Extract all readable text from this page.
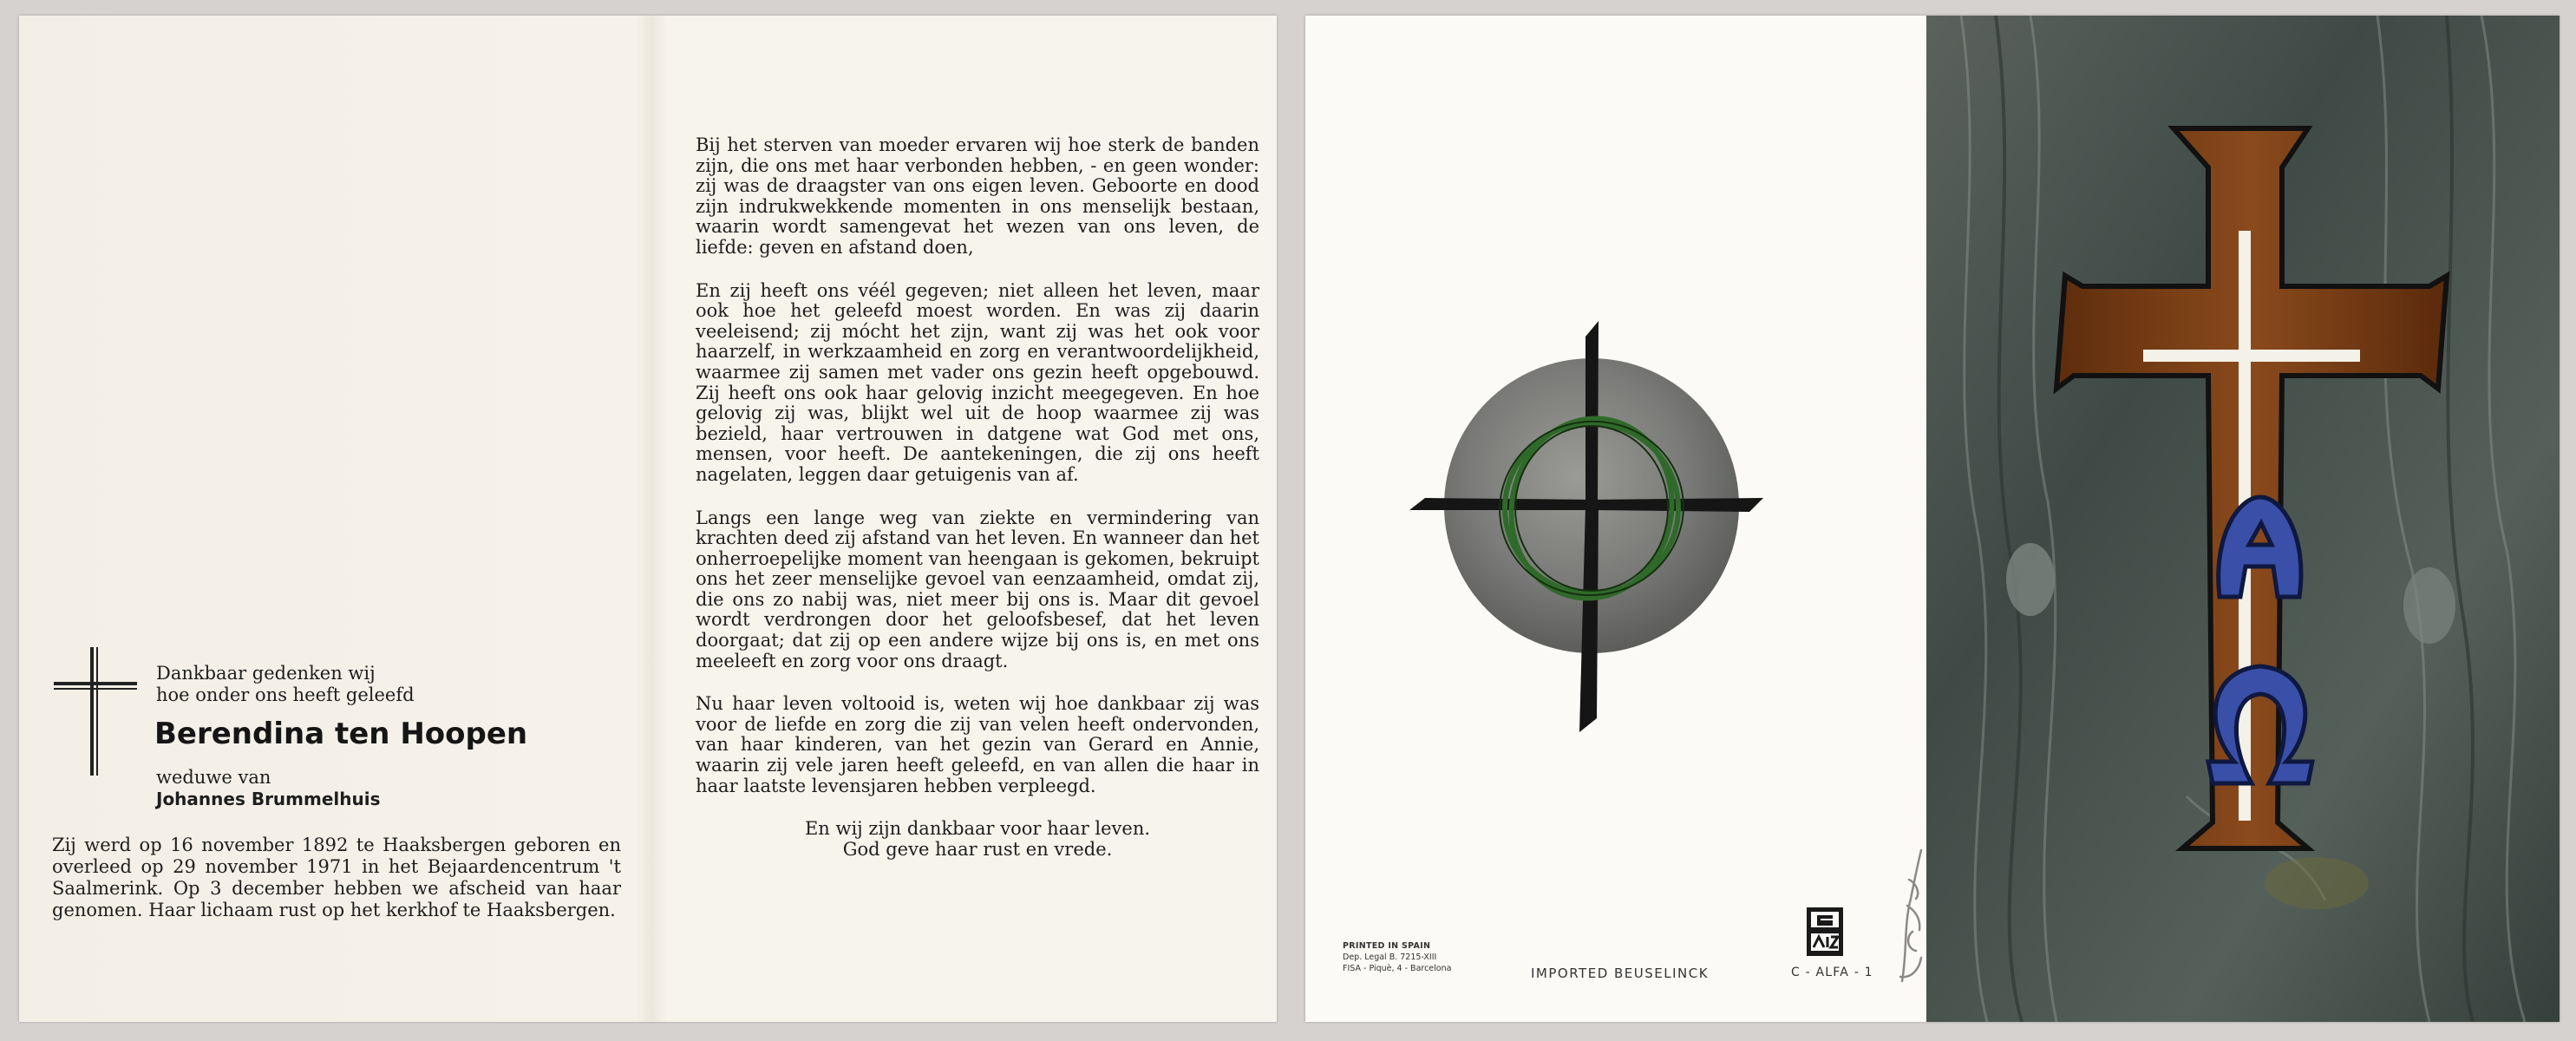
Dankbaar gedenken wij
hoe onder ons heeft geleefd
Berendina ten Hoopen
weduwe van
Johannes Brummelhuis
Zij werd op 16 november 1892 te Haaksbergen geboren en overleed op 29 november 1971 in het Bejaardencentrum 't Saalmerink. Op 3 december hebben we afscheid van haar genomen. Haar lichaam rust op het kerkhof te Haaksbergen.

Bij het sterven van moeder ervaren wij hoe sterk de banden zijn, die ons met haar verbonden hebben, - en geen wonder: zij was de draagster van ons eigen leven. Geboorte en dood zijn indrukwekkende momenten in ons menselijk bestaan, waarin wordt samengevat het wezen van ons leven, de liefde: geven en afstand doen,

En zij heeft ons véél gegeven; niet alleen het leven, maar ook hoe het geleefd moest worden. En was zij daarin veeleisend; zij mócht het zijn, want zij was het ook voor haarzelf, in werkzaamheid en zorg en verantwoordelijkheid, waarmee zij samen met vader ons gezin heeft opgebouwd. Zij heeft ons ook haar gelovig inzicht meegegeven. En hoe gelovig zij was, blijkt wel uit de hoop waarmee zij was bezield, haar vertrouwen in datgene wat God met ons, mensen, voor heeft. De aantekeningen, die zij ons heeft nagelaten, leggen daar getuigenis van af.

Langs een lange weg van ziekte en vermindering van krachten deed zij afstand van het leven. En wanneer dan het onherroepelijke moment van heengaan is gekomen, bekruipt ons het zeer menselijke gevoel van eenzaamheid, omdat zij, die ons zo nabij was, niet meer bij ons is. Maar dit gevoel wordt verdrongen door het geloofsbesef, dat het leven doorgaat; dat zij op een andere wijze bij ons is, en met ons meeleeft en zorg voor ons draagt.

Nu haar leven voltooid is, weten wij hoe dankbaar zij was voor de liefde en zorg die zij van velen heeft ondervonden, van haar kinderen, van het gezin van Gerard en Annie, waarin zij vele jaren heeft geleefd, en van allen die haar in haar laatste levensjaren hebben verpleegd.

En wij zijn dankbaar voor haar leven.
God geve haar rust en vrede.
PRINTED IN SPAIN
Dep. Legal B. 7215-XIII
FISA - Piquè, 4 - Barcelona	IMPORTED BEUSELINCK	C - ALFA - 1
